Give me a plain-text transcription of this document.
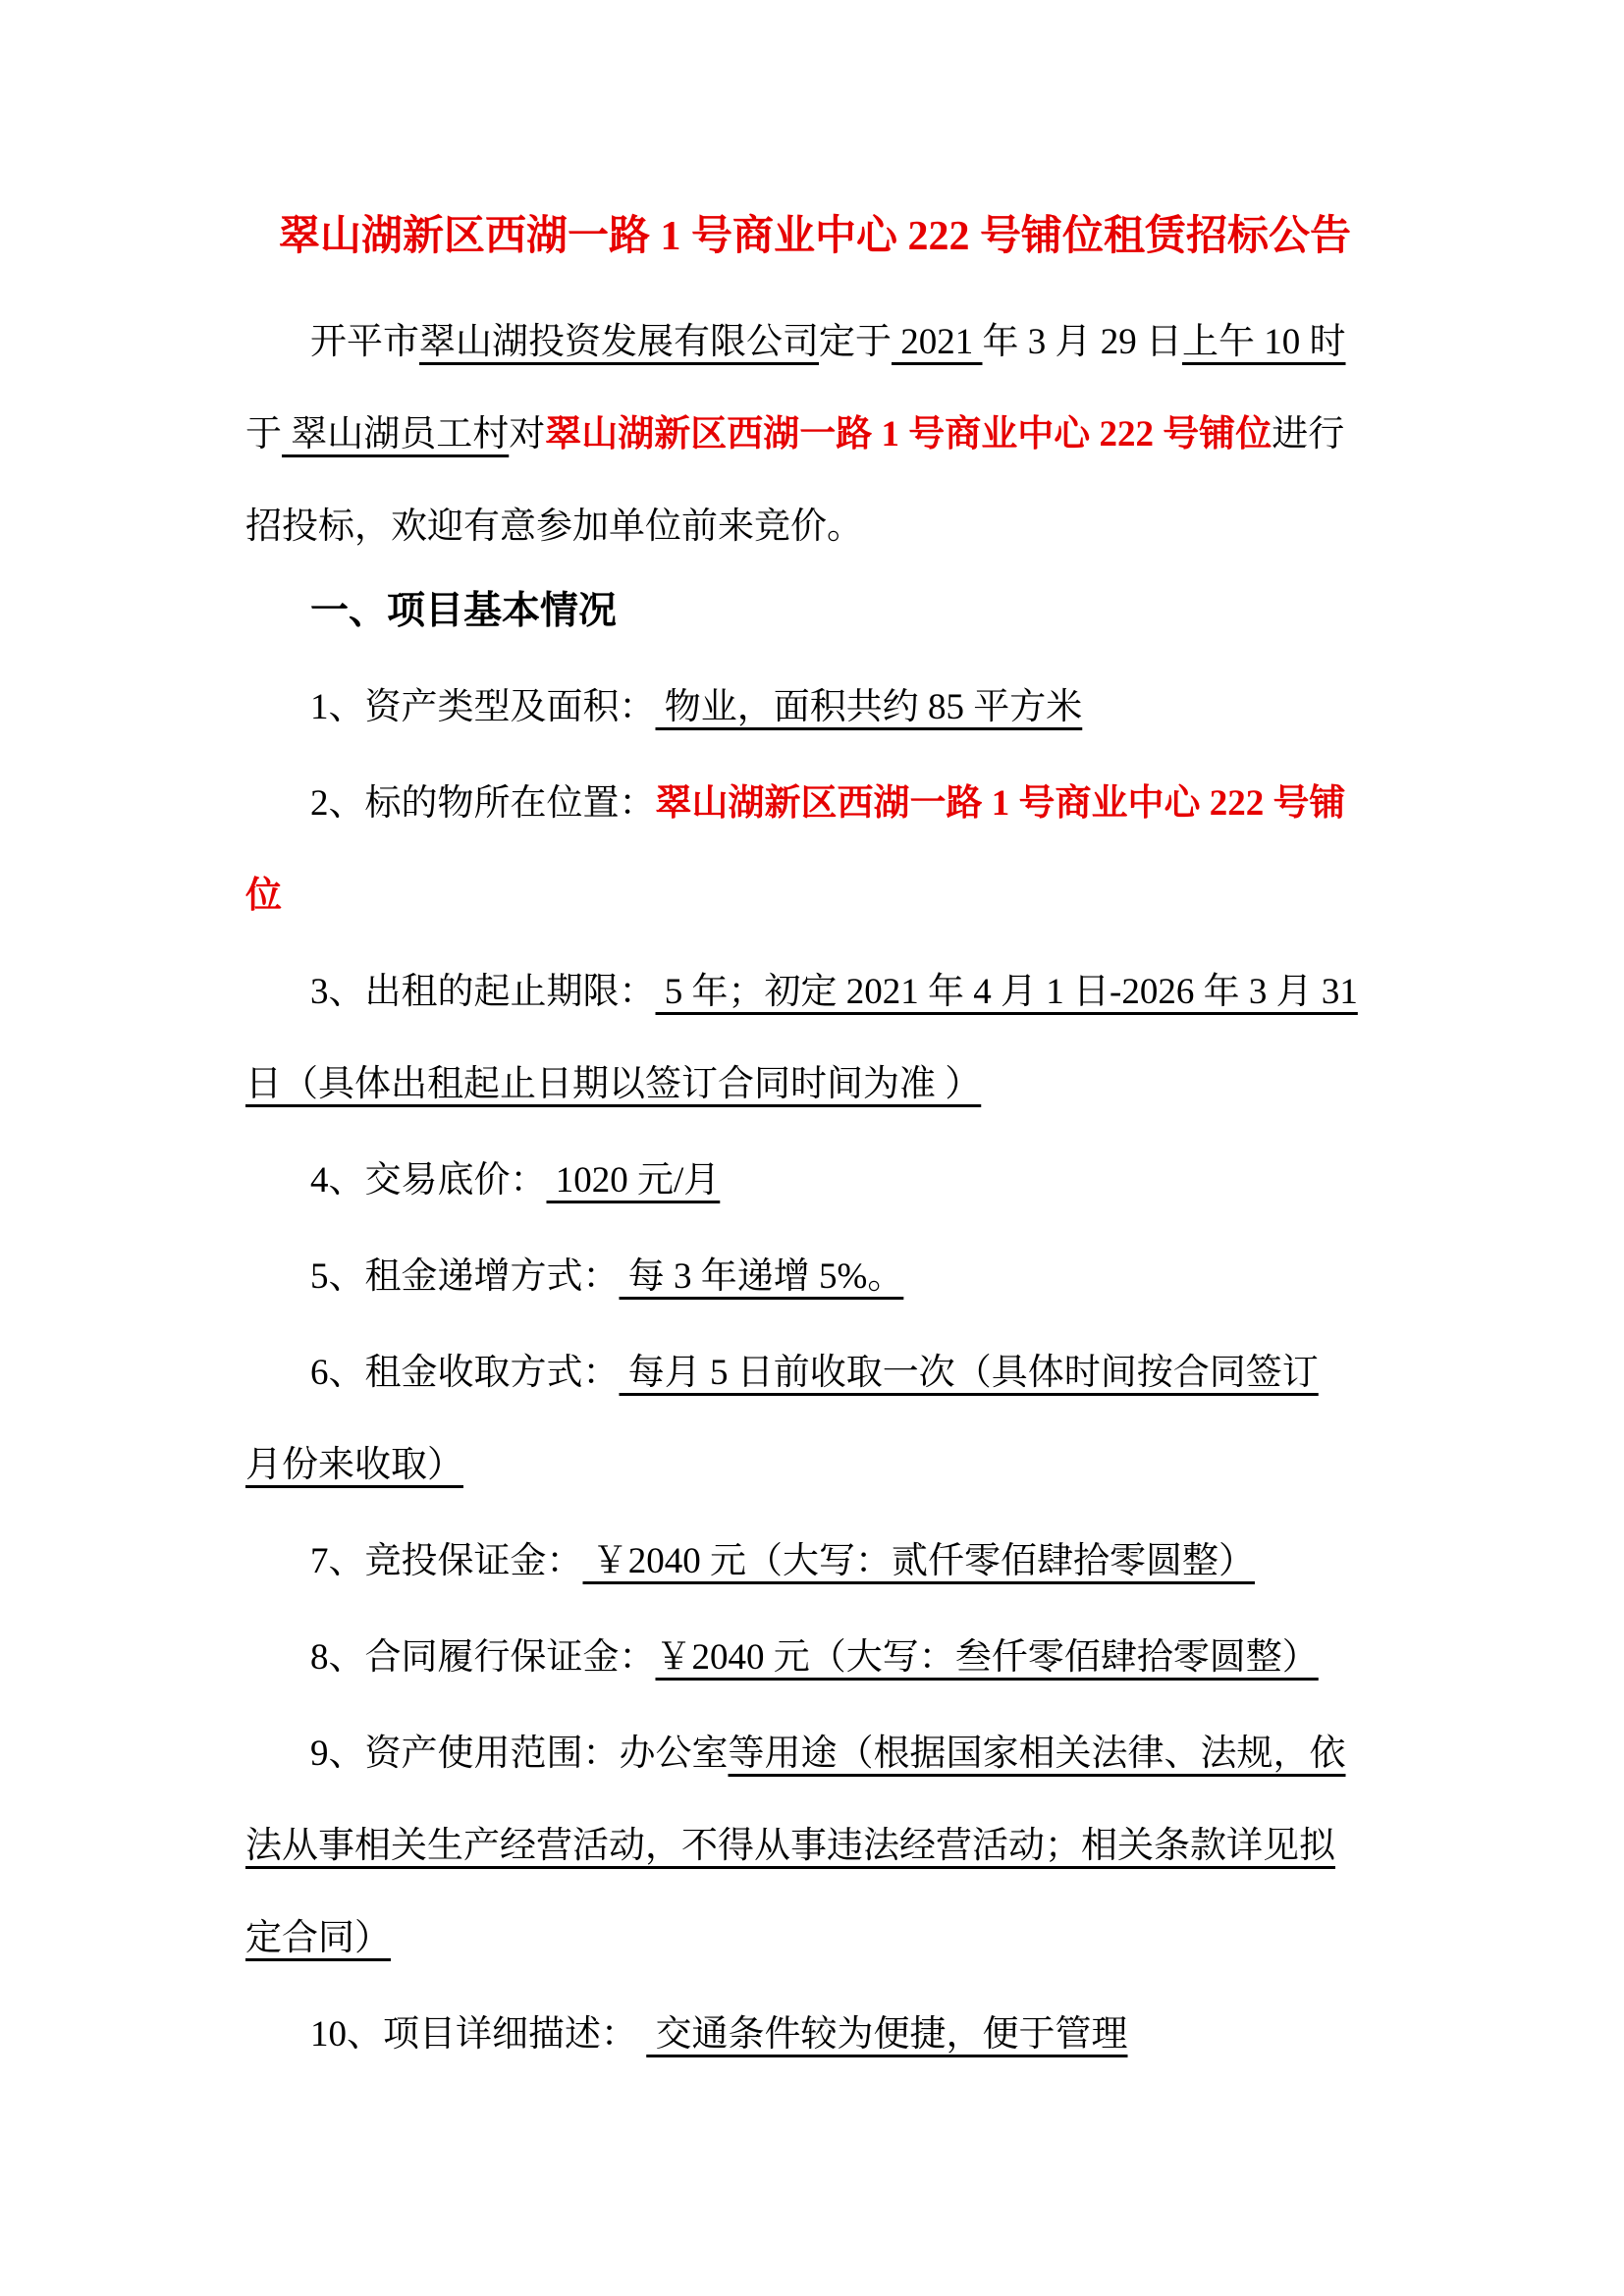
翠山湖新区西湖一路 1 号商业中心 222 号铺位租赁招标公告
开平市翠山湖投资发展有限公司定于 2021 年 3 月 29 日上午 10 时
于 翠山湖员工村对翠山湖新区西湖一路 1 号商业中心 222 号铺位进行
招投标，欢迎有意参加单位前来竞价。
一、项目基本情况
1、资产类型及面积： 物业，面积共约 85 平方米
2、标的物所在位置：翠山湖新区西湖一路 1 号商业中心 222 号铺
位
3、出租的起止期限： 5 年；初定 2021 年 4 月 1 日-2026 年 3 月 31
日（具体出租起止日期以签订合同时间为准 ）
4、交易底价： 1020 元/月
5、租金递增方式： 每 3 年递增 5%。
6、租金收取方式： 每月 5 日前收取一次（具体时间按合同签订
月份来收取）
7、竞投保证金： ￥2040 元（大写：贰仟零佰肆拾零圆整）
8、合同履行保证金：￥2040 元（大写：叁仟零佰肆拾零圆整）
9、资产使用范围：办公室等用途（根据国家相关法律、法规，依
法从事相关生产经营活动，不得从事违法经营活动；相关条款详见拟
定合同）
10、项目详细描述：  交通条件较为便捷，便于管理
